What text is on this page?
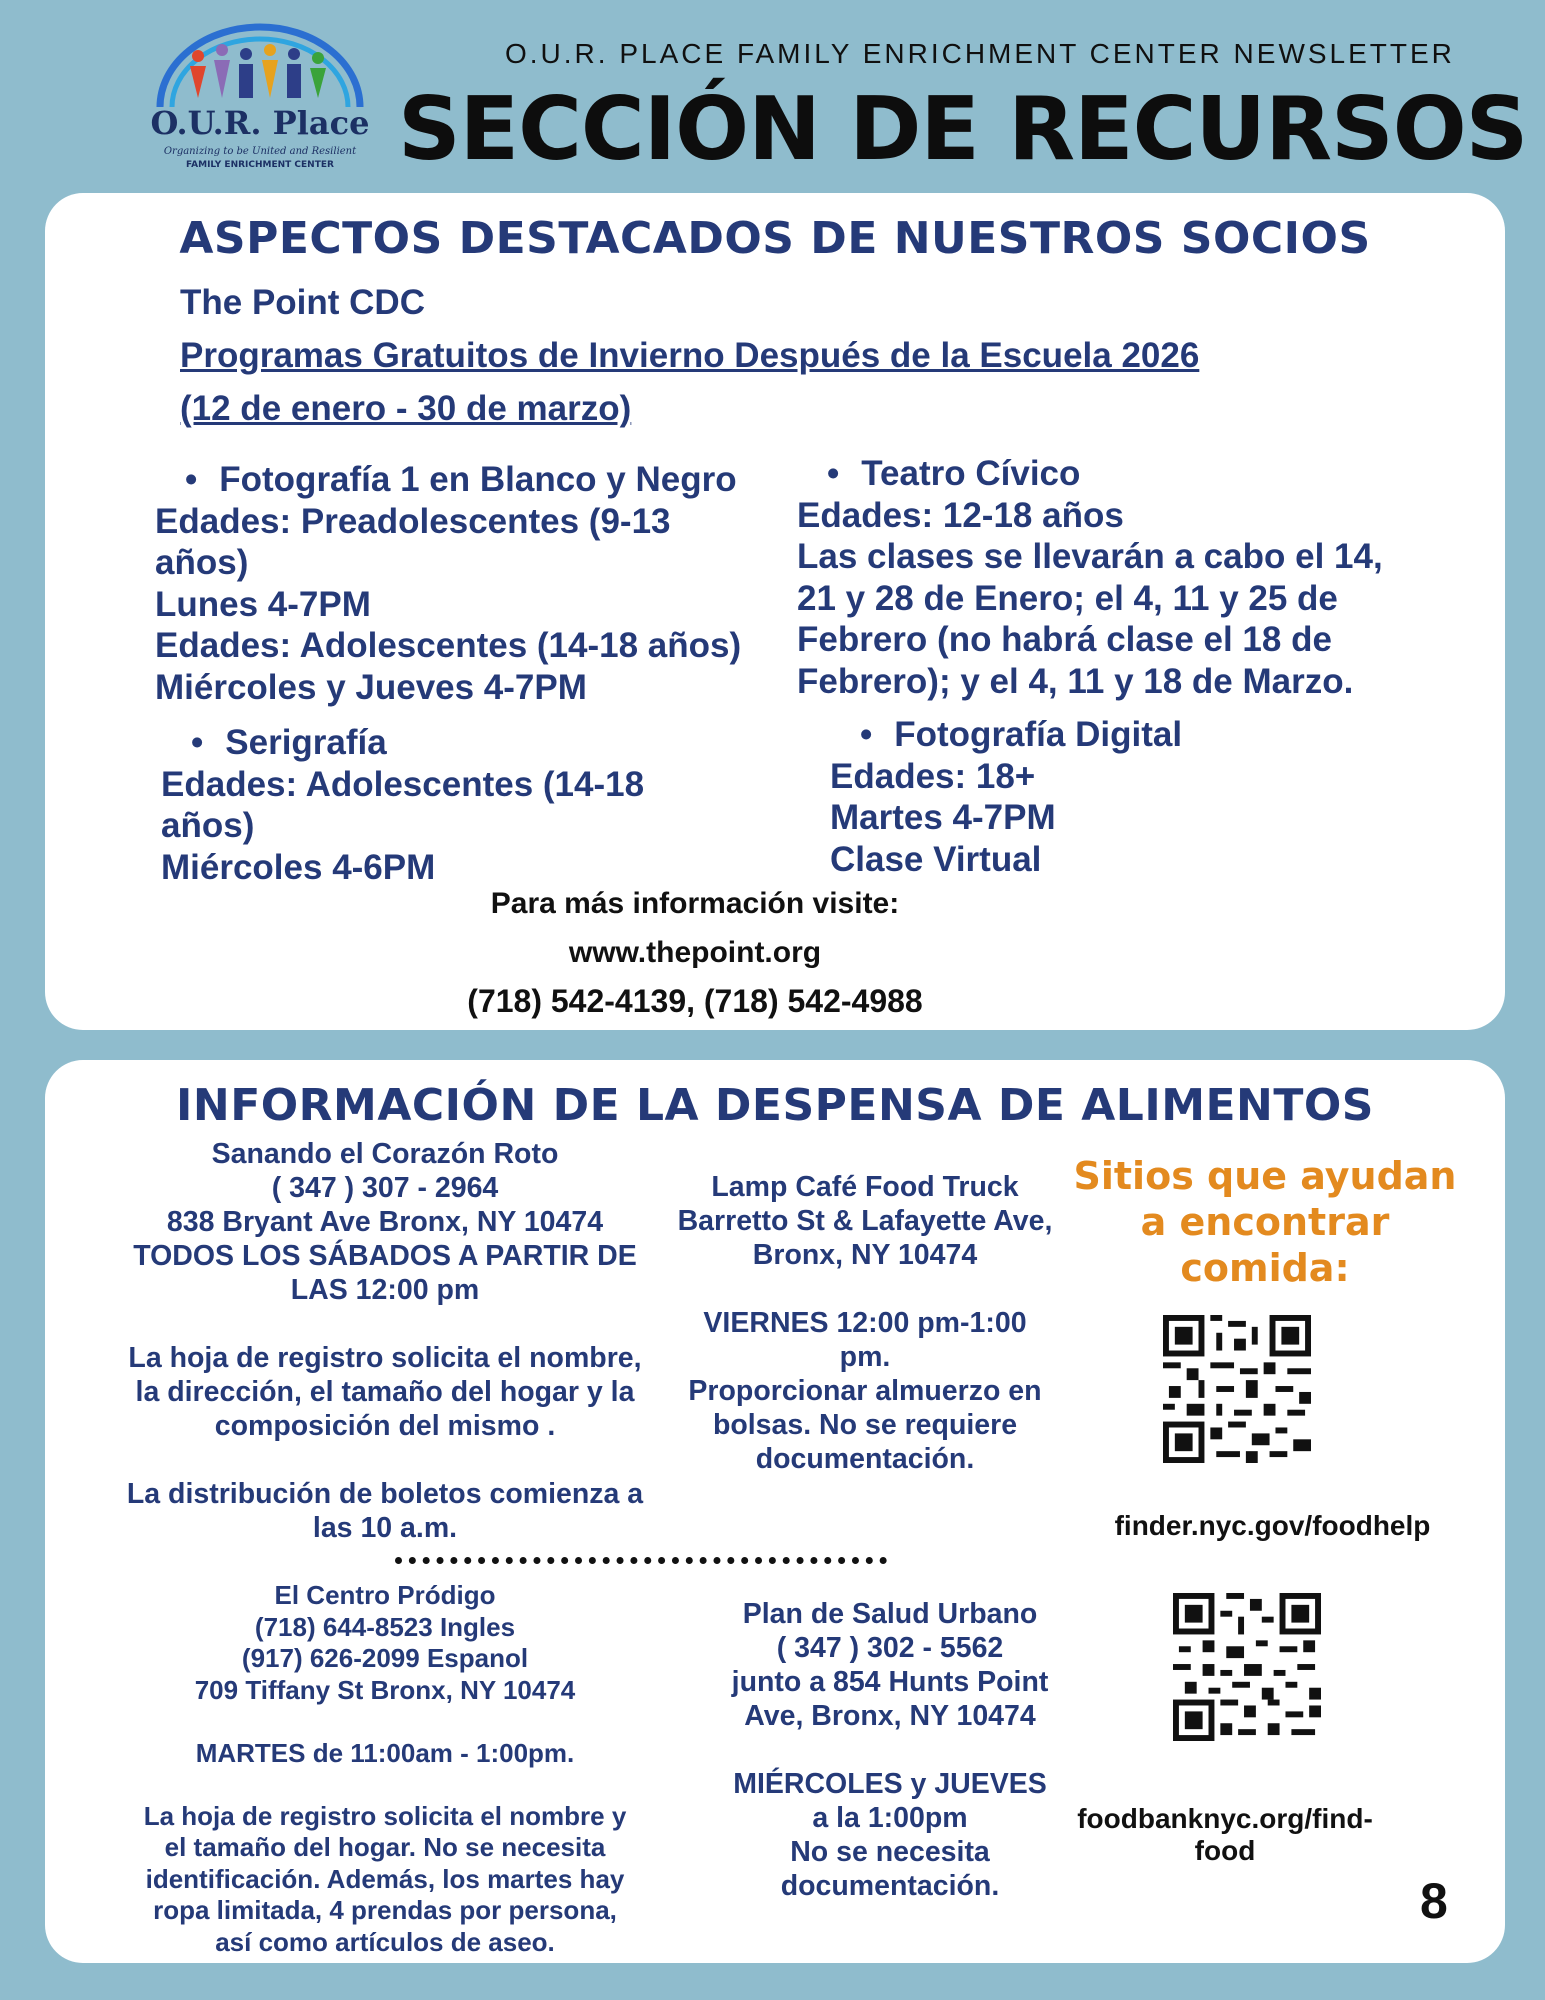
O.U.R. Place
Organizing to be United and Resilient
FAMILY ENRICHMENT CENTER
O.U.R. PLACE FAMILY ENRICHMENT CENTER NEWSLETTER
SECCIÓN DE RECURSOS
ASPECTOS DESTACADOS DE NUESTROS SOCIOS
The Point CDC
Programas Gratuitos de Invierno Después de la Escuela 2026
(12 de enero - 30 de marzo)
• Fotografía 1 en Blanco y Negro
Edades: Preadolescentes (9-13
años)
Lunes 4-7PM
Edades: Adolescentes (14-18 años)
Miércoles y Jueves 4-7PM
• Serigrafía
Edades: Adolescentes (14-18
años)
Miércoles 4-6PM
• Teatro Cívico
Edades: 12-18 años
Las clases se llevarán a cabo el 14,
21 y 28 de Enero; el 4, 11 y 25 de
Febrero (no habrá clase el 18 de
Febrero); y el 4, 11 y 18 de Marzo.
• Fotografía Digital
Edades: 18+
Martes 4-7PM
Clase Virtual
Para más información visite:
www.thepoint.org
(718) 542-4139, (718) 542-4988
INFORMACIÓN DE LA DESPENSA DE ALIMENTOS
Sanando el Corazón Roto
( 347 ) 307 - 2964
838 Bryant Ave Bronx, NY 10474
TODOS LOS SÁBADOS A PARTIR DE
LAS 12:00 pm

La hoja de registro solicita el nombre,
la dirección, el tamaño del hogar y la
composición del mismo .

La distribución de boletos comienza a
las 10 a.m.
Lamp Café Food Truck
Barretto St & Lafayette Ave,
Bronx, NY 10474

VIERNES 12:00 pm-1:00
pm.
Proporcionar almuerzo en
bolsas. No se requiere
documentación.
El Centro Pródigo
(718) 644-8523 Ingles
(917) 626-2099 Espanol
709 Tiffany St Bronx, NY 10474

MARTES de 11:00am - 1:00pm.

La hoja de registro solicita el nombre y
el tamaño del hogar. No se necesita
identificación. Además, los martes hay
ropa limitada, 4 prendas por persona,
así como artículos de aseo.
Plan de Salud Urbano
( 347 ) 302 - 5562
junto a 854 Hunts Point
Ave, Bronx, NY 10474

MIÉRCOLES y JUEVES
a la 1:00pm
No se necesita
documentación.
Sitios que ayudan a encontrar comida:
finder.nyc.gov/foodhelp
foodbanknyc.org/find-food
8
